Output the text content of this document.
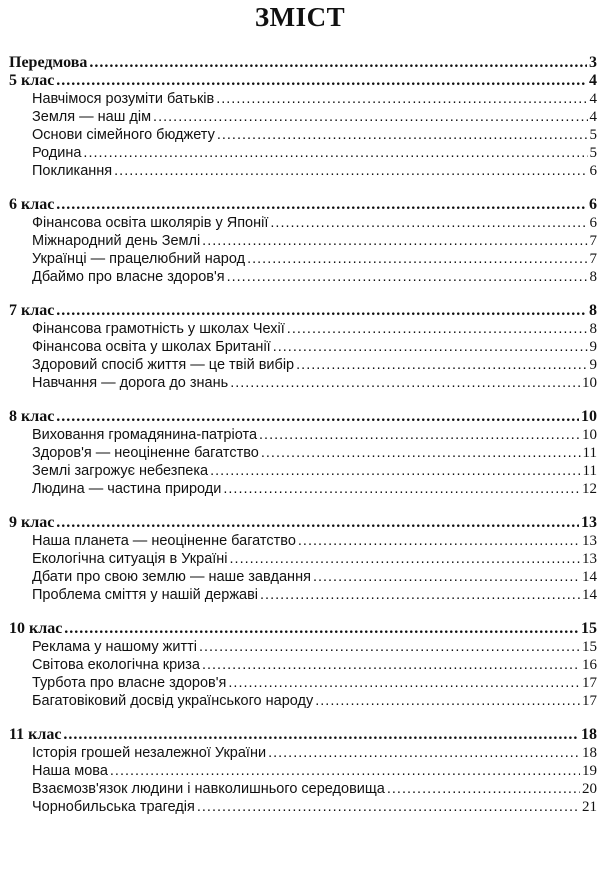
ЗМІСТ
Передмова .....	3
5 клас .....	4
Навчімося розуміти батьків .....	4
Земля — наш дім .....	4
Основи сімейного бюджету .....	5
Родина .....	5
Покликання .....	6
6 клас .....	6
Фінансова освіта школярів у Японії .....	6
Міжнародний день Землі .....	7
Українці — працелюбний народ .....	7
Дбаймо про власне здоров'я .....	8
7 клас .....	8
Фінансова грамотність у школах Чехії .....	8
Фінансова освіта у школах Британії .....	9
Здоровий спосіб життя — це твій вибір .....	9
Навчання — дорога до знань .....	10
8 клас .....	10
Виховання громадянина-патріота .....	10
Здоров'я — неоціненне багатство .....	11
Землі загрожує небезпека .....	11
Людина — частина природи .....	12
9 клас .....	13
Наша планета — неоціненне багатство .....	13
Екологічна ситуація в Україні .....	13
Дбати про свою землю — наше завдання .....	14
Проблема сміття у нашій державі .....	14
10 клас .....	15
Реклама у нашому житті .....	15
Світова екологічна криза .....	16
Турбота про власне здоров'я .....	17
Багатовіковий досвід українського народу .....	17
11 клас .....	18
Історія грошей незалежної України .....	18
Наша мова .....	19
Взаємозв'язок людини і навколишнього середовища .....	20
Чорнобильська трагедія .....	21
